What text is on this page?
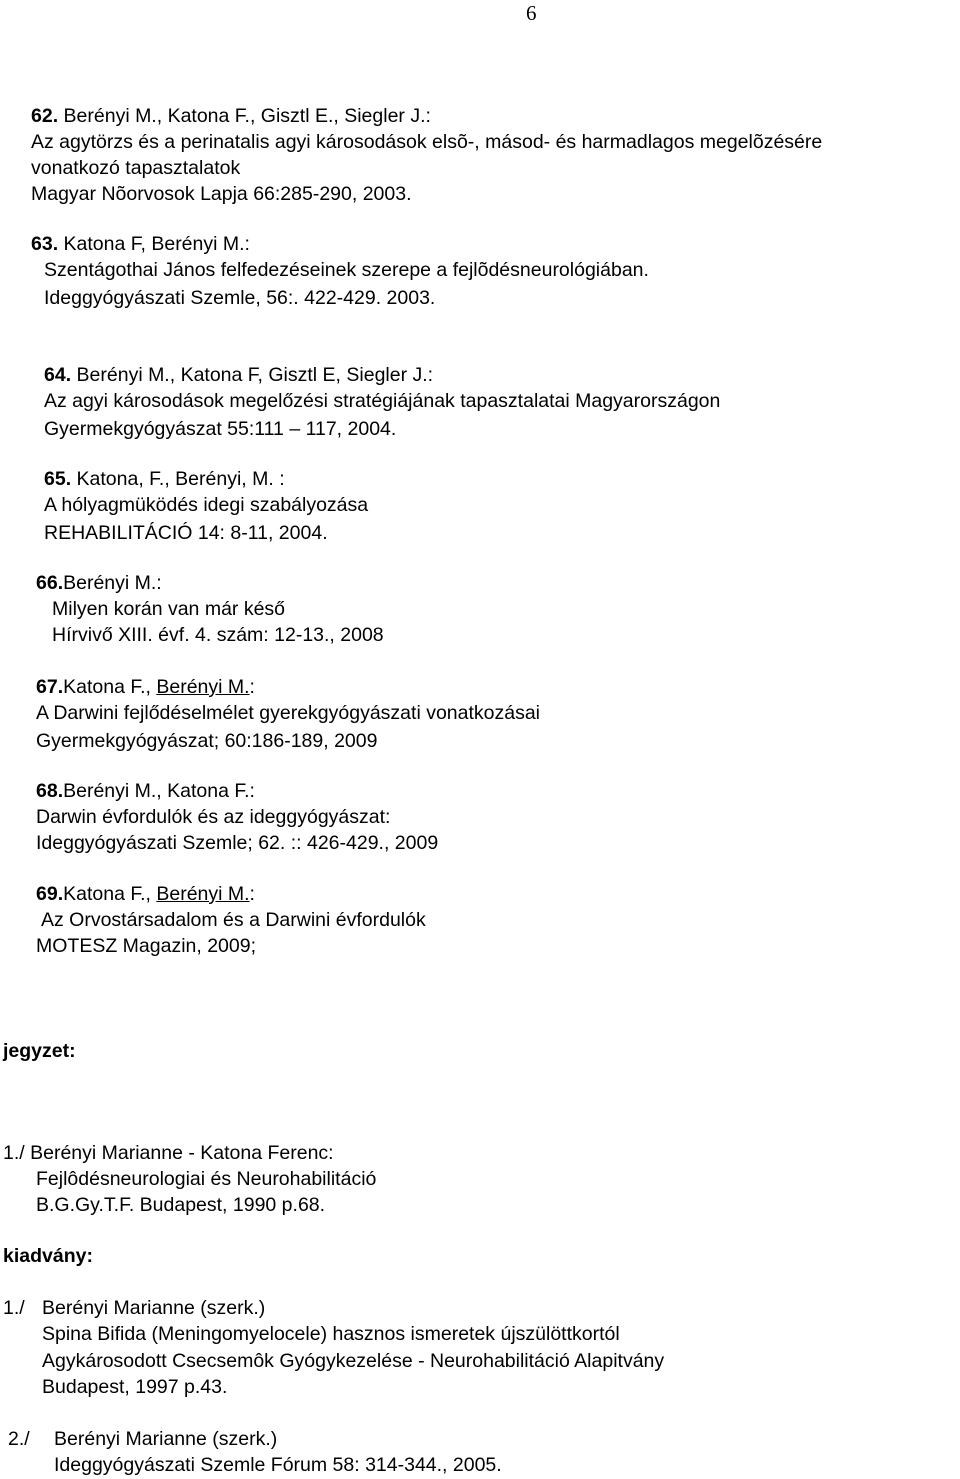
6
62. Berényi M., Katona F., Gisztl E., Siegler J.:
Az agytörzs és a perinatalis agyi károsodások elsõ-, másod- és harmadlagos megelõzésére
vonatkozó tapasztalatok
Magyar Nõorvosok Lapja 66:285-290, 2003.
63. Katona F, Berényi M.:
Szentágothai János felfedezéseinek szerepe a fejlõdésneurológiában.
Ideggyógyászati Szemle, 56:. 422-429. 2003.
64. Berényi M., Katona F, Gisztl E, Siegler J.:
Az agyi károsodások megelőzési stratégiájának tapasztalatai Magyarországon
Gyermekgyógyászat 55:111 – 117, 2004.
65. Katona, F., Berényi, M. :
A hólyagmüködés idegi szabályozása
REHABILITÁCIÓ 14: 8-11, 2004.
66.Berényi M.:
Milyen korán van már késő
Hírvivő XIII. évf. 4. szám: 12-13., 2008
67.Katona F., Berényi M.:
A Darwini fejlődéselmélet gyerekgyógyászati vonatkozásai
Gyermekgyógyászat; 60:186-189, 2009
68.Berényi M., Katona F.:
Darwin évfordulók és az ideggyógyászat:
Ideggyógyászati Szemle; 62. :: 426-429., 2009
69.Katona F., Berényi M.:
Az Orvostársadalom és a Darwini évfordulók
MOTESZ Magazin, 2009;
jegyzet:
1./ Berényi Marianne - Katona Ferenc:
Fejlôdésneurologiai és Neurohabilitáció
B.G.Gy.T.F. Budapest, 1990 p.68.
kiadvány:
1./ Berényi Marianne (szerk.)
Spina Bifida (Meningomyelocele) hasznos ismeretek újszülöttkortól
Agykárosodott Csecsemôk Gyógykezelése - Neurohabilitáció Alapitvány
Budapest, 1997 p.43.
2./ Berényi Marianne (szerk.)
Ideggyógyászati Szemle Fórum 58: 314-344., 2005.
